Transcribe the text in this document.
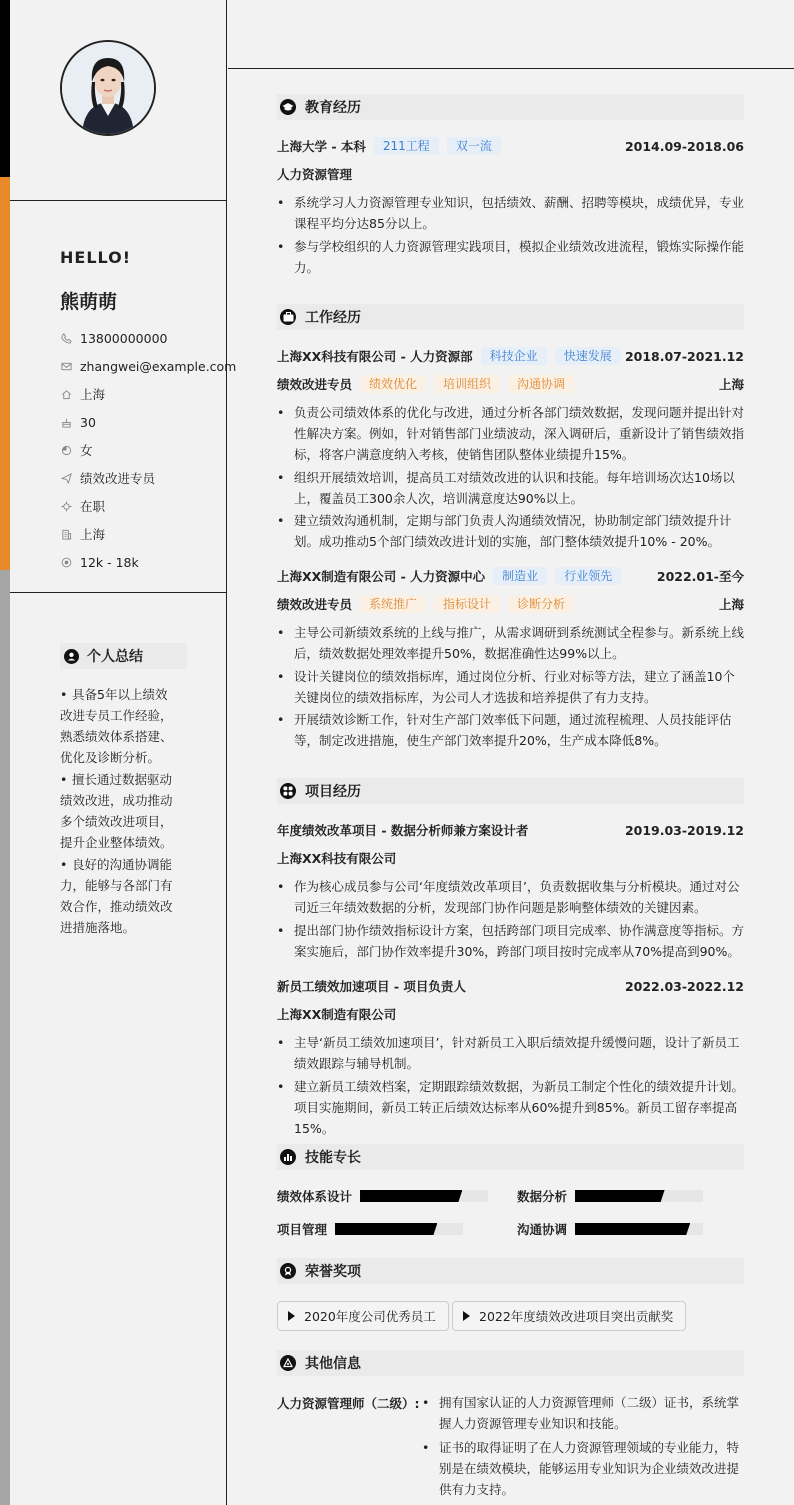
HELLO!
熊萌萌
13800000000
zhangwei@example.com
上海
30
女
绩效改进专员
在职
上海
12k - 18k
个人总结
• 具备5年以上绩效
改进专员工作经验，
熟悉绩效体系搭建、
优化及诊断分析。
• 擅长通过数据驱动
绩效改进，成功推动
多个绩效改进项目，
提升企业整体绩效。
• 良好的沟通协调能
力，能够与各部门有
效合作，推动绩效改
进措施落地。
教育经历
上海大学 - 本科	211工程	双一流	2014.09-2018.06
人力资源管理
• 系统学习人力资源管理专业知识，包括绩效、薪酬、招聘等模块，成绩优异，专业课程平均分达85分以上。
• 参与学校组织的人力资源管理实践项目，模拟企业绩效改进流程，锻炼实际操作能力。
工作经历
上海XX科技有限公司 - 人力资源部	科技企业	快速发展	2018.07-2021.12
绩效改进专员	绩效优化	培训组织	沟通协调	上海
• 负责公司绩效体系的优化与改进，通过分析各部门绩效数据，发现问题并提出针对性解决方案。例如，针对销售部门业绩波动，深入调研后，重新设计了销售绩效指标，将客户满意度纳入考核，使销售团队整体业绩提升15%。
• 组织开展绩效培训，提高员工对绩效改进的认识和技能。每年培训场次达10场以上，覆盖员工300余人次，培训满意度达90%以上。
• 建立绩效沟通机制，定期与部门负责人沟通绩效情况，协助制定部门绩效提升计划。成功推动5个部门绩效改进计划的实施，部门整体绩效提升10% - 20%。
上海XX制造有限公司 - 人力资源中心	制造业	行业领先	2022.01-至今
绩效改进专员	系统推广	指标设计	诊断分析	上海
• 主导公司新绩效系统的上线与推广，从需求调研到系统测试全程参与。新系统上线后，绩效数据处理效率提升50%，数据准确性达99%以上。
• 设计关键岗位的绩效指标库，通过岗位分析、行业对标等方法，建立了涵盖10个关键岗位的绩效指标库，为公司人才选拔和培养提供了有力支持。
• 开展绩效诊断工作，针对生产部门效率低下问题，通过流程梳理、人员技能评估等，制定改进措施，使生产部门效率提升20%，生产成本降低8%。
项目经历
年度绩效改革项目 - 数据分析师兼方案设计者	2019.03-2019.12
上海XX科技有限公司
• 作为核心成员参与公司‘年度绩效改革项目’，负责数据收集与分析模块。通过对公司近三年绩效数据的分析，发现部门协作问题是影响整体绩效的关键因素。
• 提出部门协作绩效指标设计方案，包括跨部门项目完成率、协作满意度等指标。方案实施后，部门协作效率提升30%，跨部门项目按时完成率从70%提高到90%。
新员工绩效加速项目 - 项目负责人	2022.03-2022.12
上海XX制造有限公司
• 主导‘新员工绩效加速项目’，针对新员工入职后绩效提升缓慢问题，设计了新员工绩效跟踪与辅导机制。
• 建立新员工绩效档案，定期跟踪绩效数据，为新员工制定个性化的绩效提升计划。项目实施期间，新员工转正后绩效达标率从60%提升到85%。新员工留存率提高15%。
技能专长
绩效体系设计	数据分析
项目管理	沟通协调
荣誉奖项
2020年度公司优秀员工	2022年度绩效改进项目突出贡献奖
其他信息
人力资源管理师（二级）:
•	拥有国家认证的人力资源管理师（二级）证书，系统掌握人力资源管理专业知识和技能。
• 证书的取得证明了在人力资源管理领域的专业能力，特别是在绩效模块，能够运用专业知识为企业绩效改进提供有力支持。
